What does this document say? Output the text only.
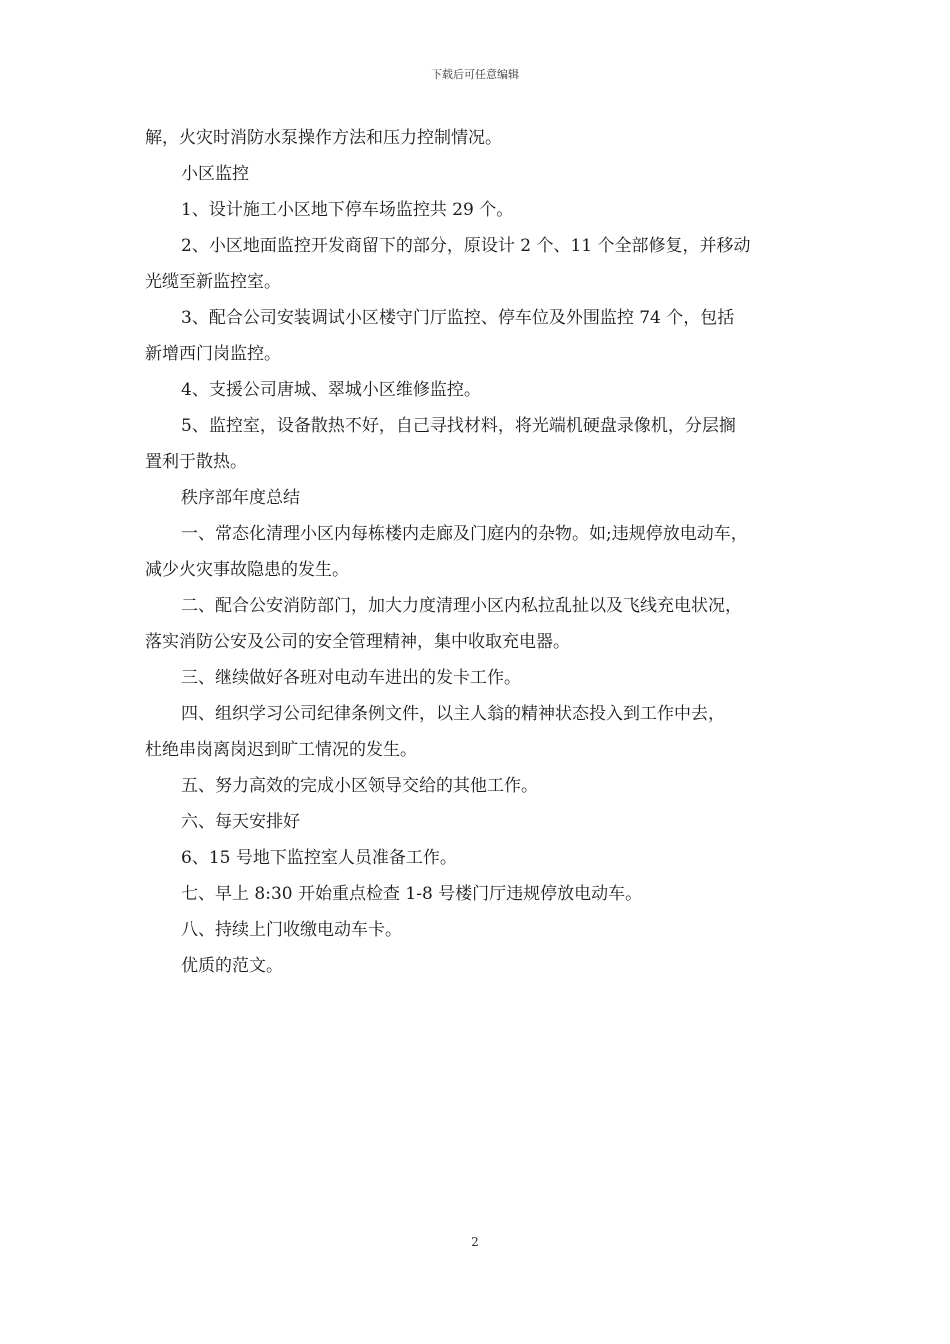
下载后可任意编辑

解，火灾时消防水泵操作方法和压力控制情况。

小区监控

1、设计施工小区地下停车场监控共 29 个。

2、小区地面监控开发商留下的部分，原设计 2 个、11 个全部修复，并移动
光缆至新监控室。

3、配合公司安装调试小区楼守门厅监控、停车位及外围监控 74 个，包括
新增西门岗监控。

4、支援公司唐城、翠城小区维修监控。

5、监控室，设备散热不好，自己寻找材料，将光端机硬盘录像机，分层搁
置利于散热。

秩序部年度总结

一、常态化清理小区内每栋楼内走廊及门庭内的杂物。如;违规停放电动车，
减少火灾事故隐患的发生。

二、配合公安消防部门，加大力度清理小区内私拉乱扯以及飞线充电状况，
落实消防公安及公司的安全管理精神，集中收取充电器。

三、继续做好各班对电动车进出的发卡工作。

四、组织学习公司纪律条例文件，以主人翁的精神状态投入到工作中去，
杜绝串岗离岗迟到旷工情况的发生。

五、努力高效的完成小区领导交给的其他工作。

六、每天安排好

6、15 号地下监控室人员准备工作。

七、早上 8:30 开始重点检查 1-8 号楼门厅违规停放电动车。

八、持续上门收缴电动车卡。

优质的范文。

2
